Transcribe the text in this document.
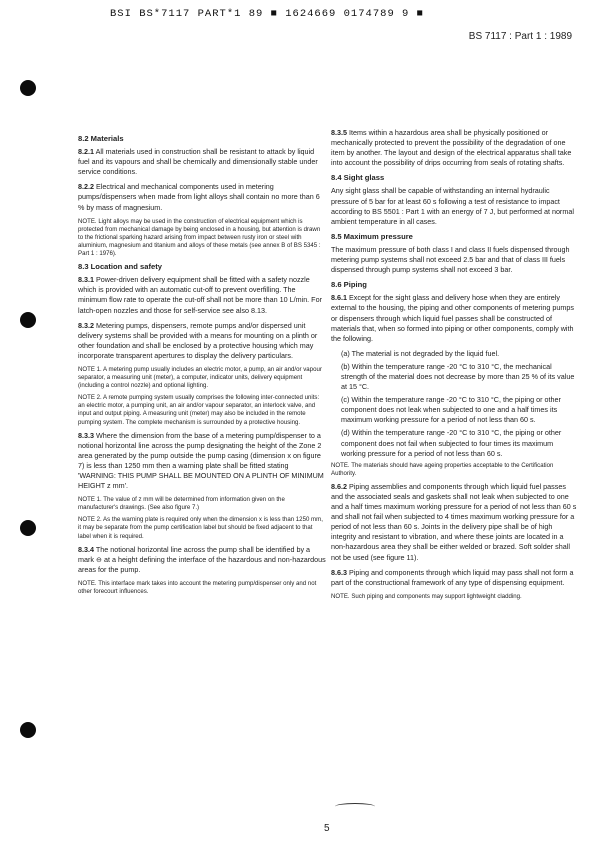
BSI BS*7117 PART*1 89 ■ 1624669 0174789 9 ■
BS 7117 : Part 1 : 1989
8.2 Materials

8.2.1 All materials used in construction shall be resistant to attack by liquid fuel and its vapours and shall be chemically and dimensionally stable under service conditions.

8.2.2 Electrical and mechanical components used in metering pumps/dispensers when made from light alloys shall contain no more than 6 % by mass of magnesium.

NOTE. Light alloys may be used in the construction of electrical equipment which is protected from mechanical damage by being enclosed in a housing, but attention is drawn to the frictional sparking hazard arising from impact between rusty iron or steel with aluminium, magnesium and titanium and alloys of these metals (see annex B of BS 5345 : Part 1 : 1976).

8.3 Location and safety

8.3.1 Power-driven delivery equipment shall be fitted with a safety nozzle which is provided with an automatic cut-off to prevent overfilling. The minimum flow rate to operate the cut-off shall not be more than 10 L/min. For latch-open nozzles and those for self-service see also 8.13.

8.3.2 Metering pumps, dispensers, remote pumps and/or dispersed unit delivery systems shall be provided with a means for mounting on a plinth or other foundation and shall be enclosed by a protective housing which may incorporate transparent apertures to display the delivery particulars.

NOTE 1. A metering pump usually includes an electric motor, a pump, an air and/or vapour separator, a measuring unit (meter), a computer, indicator units, delivery equipment (including a control nozzle) and optional lighting.

NOTE 2. A remote pumping system usually comprises the following inter-connected units: an electric motor, a pumping unit, an air and/or vapour separator, an interlock valve, and input and output piping. A measuring unit (meter) may also be included in the remote pumping system. The complete mechanism is surrounded by a protective housing.

8.3.3 Where the dimension from the base of a metering pump/dispenser to a notional horizontal line across the pump designating the height of the Zone 2 area generated by the pump outside the pump casing (dimension x on figure 7) is less than 1250 mm then a warning plate shall be fitted stating 'WARNING: THIS PUMP SHALL BE MOUNTED ON A PLINTH OF MINIMUM HEIGHT z mm'.

NOTE 1. The value of z mm will be determined from information given on the manufacturer's drawings. (See also figure 7.)

NOTE 2. As the warning plate is required only when the dimension x is less than 1250 mm, it may be separate from the pump certification label but should be fixed adjacent to that label when it is required.

8.3.4 The notional horizontal line across the pump shall be identified by a mark ⊖ at a height defining the interface of the hazardous and non-hazardous areas for the pump.

NOTE. This interface mark takes into account the metering pump/dispenser only and not other forecourt influences.

8.3.5 Items within a hazardous area shall be physically positioned or mechanically protected to prevent the possibility of the degradation of one item by another. The layout and design of the electrical apparatus shall take into account the possibility of drips occurring from seals of rotating shafts.

8.4 Sight glass

Any sight glass shall be capable of withstanding an internal hydraulic pressure of 5 bar for at least 60 s following a test of resistance to impact according to BS 5501 : Part 1 with an energy of 7 J, but performed at normal ambient temperature in all cases.

8.5 Maximum pressure

The maximum pressure of both class I and class II fuels dispensed through metering pump systems shall not exceed 2.5 bar and that of class III fuels dispensed through pump systems shall not exceed 3 bar.

8.6 Piping

8.6.1 Except for the sight glass and delivery hose when they are entirely external to the housing, the piping and other components of metering pumps or dispensers through which liquid fuel passes shall be constructed of materials that, when so formed into piping or other components, comply with the following.

(a) The material is not degraded by the liquid fuel.

(b) Within the temperature range -20 °C to 310 °C, the mechanical strength of the material does not decrease by more than 25 % of its value at 15 °C.

(c) Within the temperature range -20 °C to 310 °C, the piping or other component does not leak when subjected to one and a half times its maximum working pressure for a period of not less than 60 s.

(d) Within the temperature range -20 °C to 310 °C, the piping or other component does not fail when subjected to four times its maximum working pressure for a period of not less than 60 s.

NOTE. The materials should have ageing properties acceptable to the Certification Authority.

8.6.2 Piping assemblies and components through which liquid fuel passes and the associated seals and gaskets shall not leak when subjected to one and a half times maximum working pressure for a period of not less than 60 s and shall not fail when subjected to 4 times maximum working pressure for a period of not less than 60 s. Joints in the delivery pipe shall be of high integrity and resistant to vibration, and where these joints are located in a non-hazardous area they shall be either welded or brazed. Soft solder shall not be used (see figure 11).

8.6.3 Piping and components through which liquid may pass shall not form a part of the constructional framework of any type of dispensing equipment.

NOTE. Such piping and components may support lightweight cladding.

5
